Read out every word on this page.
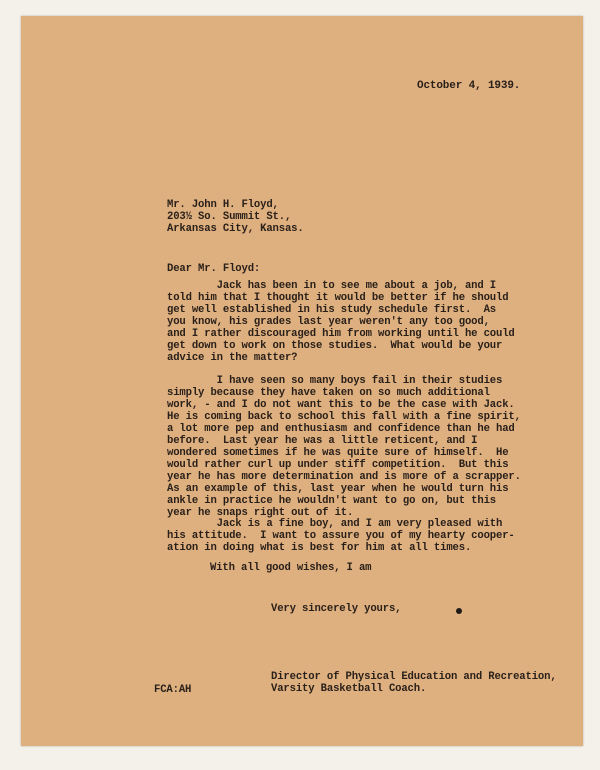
October 4, 1939.

Mr. John H. Floyd,

203½ So. Summit St.,

Arkansas City, Kansas.

Dear Mr. Floyd:

Jack has been in to see me about a job, and I

told him that I thought it would be better if he should

get well established in his study schedule first.  As

you know, his grades last year weren't any too good,

and I rather discouraged him from working until he could

get down to work on those studies.  What would be your

advice in the matter?

I have seen so many boys fail in their studies

simply because they have taken on so much additional

work, - and I do not want this to be the case with Jack.

He is coming back to school this fall with a fine spirit,

a lot more pep and enthusiasm and confidence than he had

before.  Last year he was a little reticent, and I

wondered sometimes if he was quite sure of himself.  He

would rather curl up under stiff competition.  But this

year he has more determination and is more of a scrapper.

As an example of this, last year when he would turn his

ankle in practice he wouldn't want to go on, but this

year he snaps right out of it.

Jack is a fine boy, and I am very pleased with

his attitude.  I want to assure you of my hearty cooper-

ation in doing what is best for him at all times.

With all good wishes, I am

Very sincerely yours,

Director of Physical Education and Recreation,

Varsity Basketball Coach.

FCA:AH
